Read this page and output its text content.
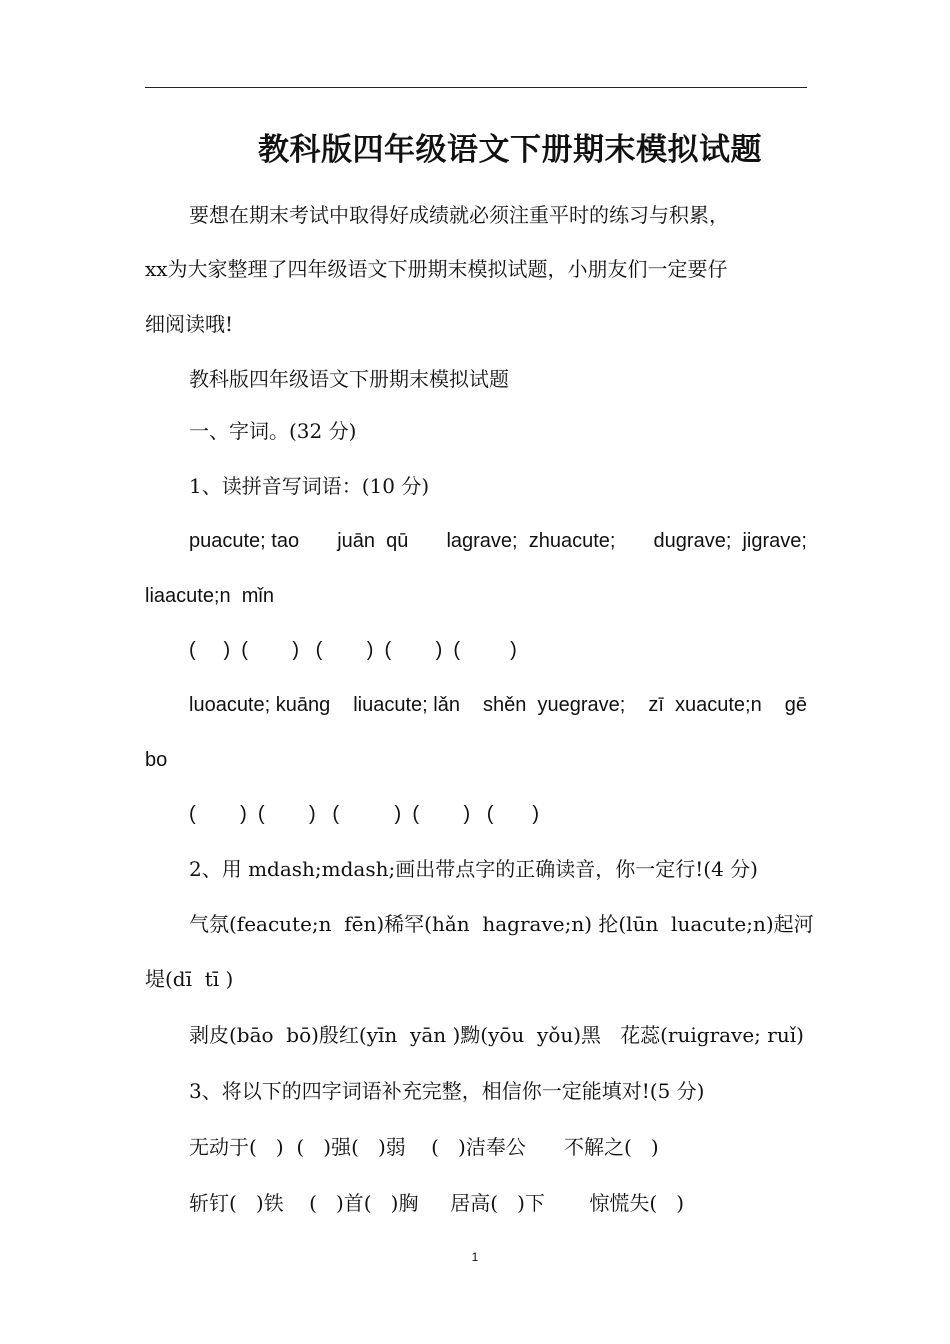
教科版四年级语文下册期末模拟试题
要想在期末考试中取得好成绩就必须注重平时的练习与积累，
xx为大家整理了四年级语文下册期末模拟试题，小朋友们一定要仔
细阅读哦!
教科版四年级语文下册期末模拟试题
一、字词。(32 分)
1、读拼音写词语：(10 分)
puacute; tao juān  qū lagrave;  zhuacute; dugrave;  jigrave;
liaacute;n  mǐn
(     )  (        )   (        )  (        )  (         )
luoacute; kuāng liuacute; lǎn shěn  yuegrave; zī  xuacute;n gē
bo
(        )  (        )   (          )  (        )   (       )
2、用 mdash;mdash;画出带点字的正确读音，你一定行!(4 分)
气氛(feacute;n  fēn)稀罕(hǎn  hagrave;n) 抡(lūn  luacute;n)起 河
堤(dī  tī )
剥皮(bāo  bō)殷红(yīn  yān )黝(yōu  yǒu)黑   花蕊(ruigrave; ruǐ)
3、将以下的四字词语补充完整，相信你一定能填对!(5 分)
无动于(   )  (   )强(   )弱    (   )洁奉公      不解之(   )
斩钉(   )铁    (   )首(   )胸     居高(   )下       惊慌失(   )
1
